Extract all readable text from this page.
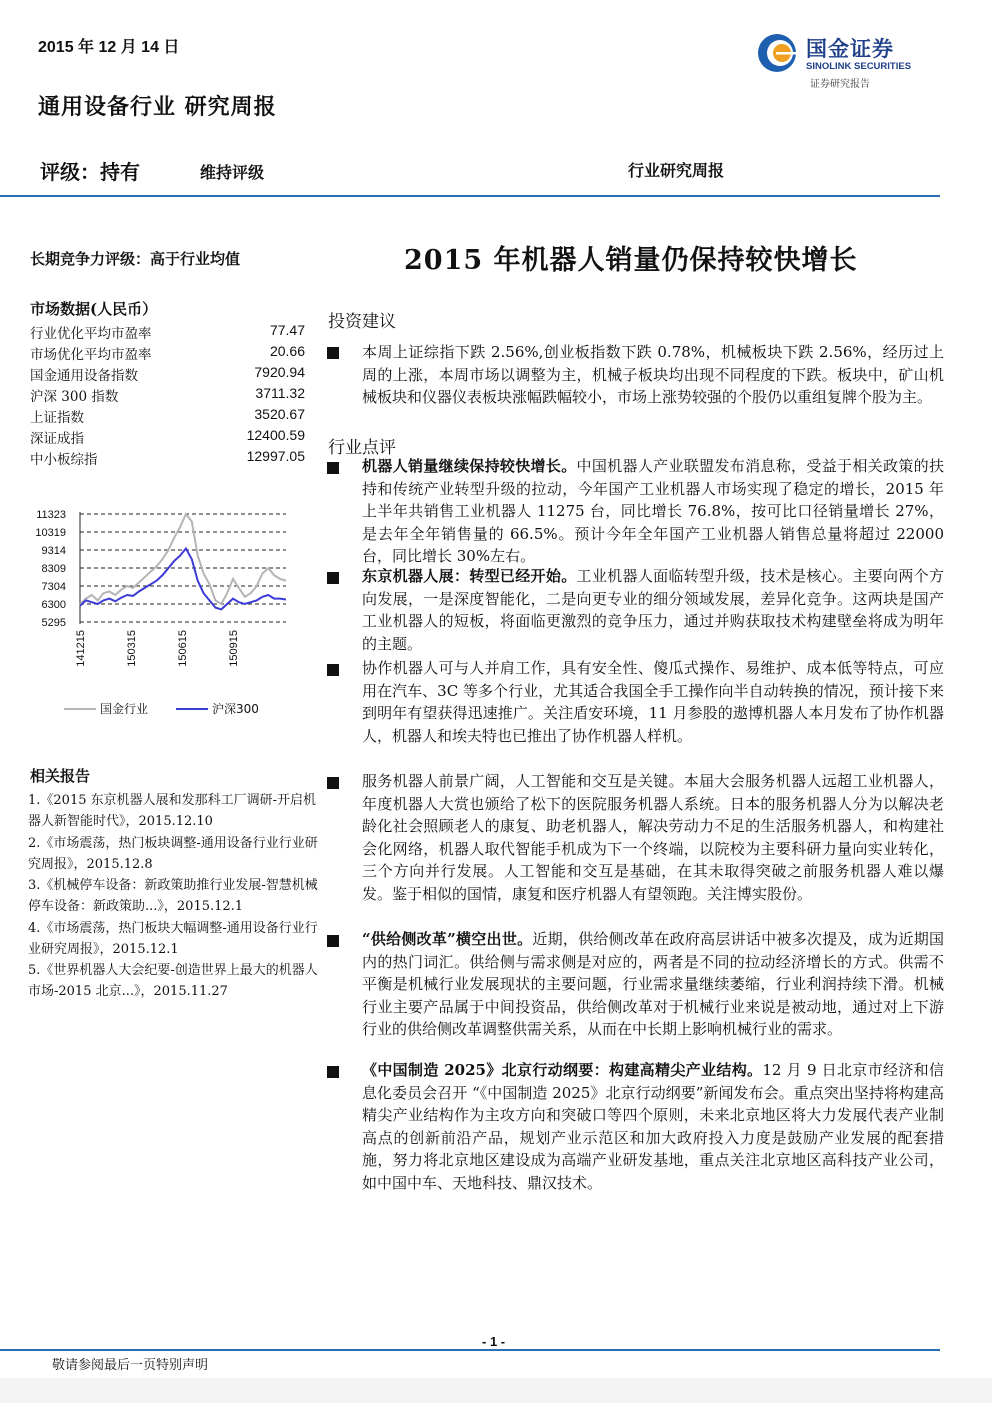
2015 年 12 月 14 日	国金证券
SINOLINK SECURITIES
证券研究报告
通用设备行业 研究周报
评级：持有	维持评级	行业研究周报
长期竞争力评级：高于行业均值
市场数据(人民币）
行业优化平均市盈率	77.47
市场优化平均市盈率	20.66
国金通用设备指数	7920.94
沪深 300 指数	3711.32
上证指数	3520.67
深证成指	12400.59
中小板综指	12997.05
11323
10319
9314
8309
7304
6300
5295
141215	150315	150615	150915
国金行业	沪深300
相关报告
1.《2015 东京机器人展和发那科工厂调研-开启机器人新智能时代》，2015.12.10
2.《市场震荡，热门板块调整-通用设备行业行业研究周报》，2015.12.8
3.《机械停车设备：新政策助推行业发展-智慧机械停车设备：新政策助...》，2015.12.1
4.《市场震荡，热门板块大幅调整-通用设备行业行业研究周报》，2015.12.1
5.《世界机器人大会纪要-创造世界上最大的机器人市场-2015 北京...》，2015.11.27
2015 年机器人销量仍保持较快增长
投资建议
本周上证综指下跌 2.56%,创业板指数下跌 0.78%，机械板块下跌 2.56%，经历过上周的上涨，本周市场以调整为主，机械子板块均出现不同程度的下跌。板块中，矿山机械板块和仪器仪表板块涨幅跌幅较小，市场上涨势较强的个股仍以重组复牌个股为主。
行业点评
机器人销量继续保持较快增长。中国机器人产业联盟发布消息称，受益于相关政策的扶持和传统产业转型升级的拉动，今年国产工业机器人市场实现了稳定的增长，2015 年上半年共销售工业机器人 11275 台，同比增长 76.8%，按可比口径销量增长 27%，是去年全年销售量的 66.5%。预计今年全年国产工业机器人销售总量将超过 22000 台，同比增长 30%左右。
东京机器人展：转型已经开始。工业机器人面临转型升级，技术是核心。主要向两个方向发展，一是深度智能化，二是向更专业的细分领域发展，差异化竞争。这两块是国产工业机器人的短板，将面临更激烈的竞争压力，通过并购获取技术构建壁垒将成为明年的主题。
协作机器人可与人并肩工作，具有安全性、傻瓜式操作、易维护、成本低等特点，可应用在汽车、3C 等多个行业，尤其适合我国全手工操作向半自动转换的情况，预计接下来到明年有望获得迅速推广。关注盾安环境，11 月参股的遨博机器人本月发布了协作机器人，机器人和埃夫特也已推出了协作机器人样机。
服务机器人前景广阔，人工智能和交互是关键。本届大会服务机器人远超工业机器人，年度机器人大赏也颁给了松下的医院服务机器人系统。日本的服务机器人分为以解决老龄化社会照顾老人的康复、助老机器人，解决劳动力不足的生活服务机器人，和构建社会化网络，机器人取代智能手机成为下一个终端，以院校为主要科研力量向实业转化，三个方向并行发展。人工智能和交互是基础，在其未取得突破之前服务机器人难以爆发。鉴于相似的国情，康复和医疗机器人有望领跑。关注博实股份。
“供给侧改革”横空出世。近期，供给侧改革在政府高层讲话中被多次提及，成为近期国内的热门词汇。供给侧与需求侧是对应的，两者是不同的拉动经济增长的方式。供需不平衡是机械行业发展现状的主要问题，行业需求量继续萎缩，行业利润持续下滑。机械行业主要产品属于中间投资品，供给侧改革对于机械行业来说是被动地，通过对上下游行业的供给侧改革调整供需关系，从而在中长期上影响机械行业的需求。
《中国制造 2025》北京行动纲要：构建高精尖产业结构。12 月 9 日北京市经济和信息化委员会召开 “《中国制造 2025》北京行动纲要”新闻发布会。重点突出坚持将构建高精尖产业结构作为主攻方向和突破口等四个原则，未来北京地区将大力发展代表产业制高点的创新前沿产品，规划产业示范区和加大政府投入力度是鼓励产业发展的配套措施，努力将北京地区建设成为高端产业研发基地，重点关注北京地区高科技产业公司，如中国中车、天地科技、鼎汉技术。
- 1 -
敬请参阅最后一页特别声明
